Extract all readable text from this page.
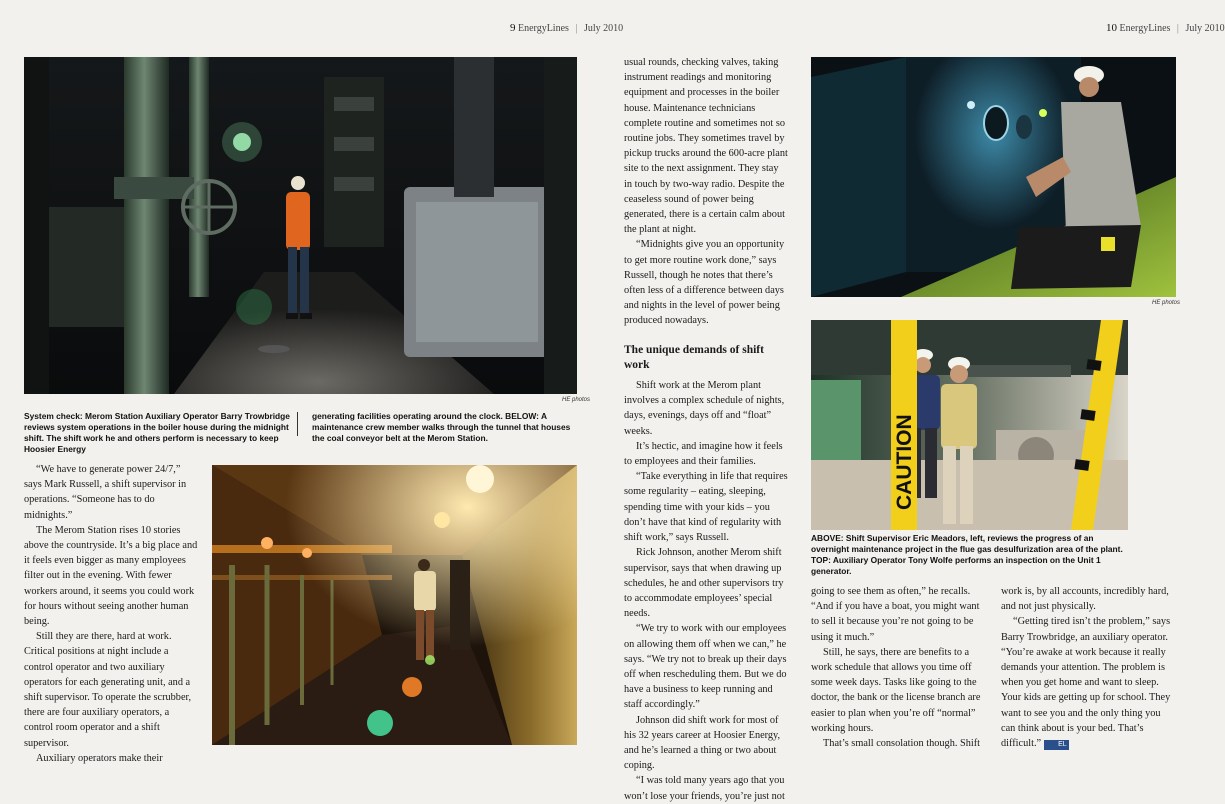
9 EnergyLines | July 2010	10 EnergyLines | July 2010
HE photos
System check: Merom Station Auxiliary Operator Barry Trowbridge reviews system operations in the boiler house during the midnight shift. The shift work he and others perform is necessary to keep Hoosier Energy
generating facilities operating around the clock. BELOW: A maintenance crew member walks through the tunnel that houses the coal conveyor belt at the Merom Station.

“We have to generate power 24/7,” says Mark Russell, a shift supervisor in operations. “Someone has to do midnights.”

The Merom Station rises 10 stories above the countryside. It’s a big place and it feels even bigger as many employees filter out in the evening. With fewer workers around, it seems you could work for hours without seeing another human being.

Still they are there, hard at work. Critical positions at night include a control operator and two auxiliary operators for each generating unit, and a shift supervisor. To operate the scrubber, there are four auxiliary operators, a control room operator and a shift supervisor.

Auxiliary operators make their

usual rounds, checking valves, taking instrument readings and monitoring equipment and processes in the boiler house. Maintenance technicians complete routine and sometimes not so routine jobs. They sometimes travel by pickup trucks around the 600-acre plant site to the next assignment. They stay in touch by two-way radio. Despite the ceaseless sound of power being generated, there is a certain calm about the plant at night.

“Midnights give you an opportunity to get more routine work done,” says Russell, though he notes that there’s often less of a difference between days and nights in the level of power being produced nowadays.

The unique demands of shift work

Shift work at the Merom plant involves a complex schedule of nights, days, evenings, days off and “float” weeks.

It’s hectic, and imagine how it feels to employees and their families.

“Take everything in life that requires some regularity – eating, sleeping, spending time with your kids – you don’t have that kind of regularity with shift work,” says Russell.

Rick Johnson, another Merom shift supervisor, says that when drawing up schedules, he and other supervisors try to accommodate employees’ special needs.

“We try to work with our employees on allowing them off when we can,” he says. “We try not to break up their days off when rescheduling them. But we do have a business to keep running and staff accordingly.”

Johnson did shift work for most of his 32 years career at Hoosier Energy, and he’s learned a thing or two about coping.

“I was told many years ago that you won’t lose your friends, you’re just not

HE photos
CAUTION
ABOVE: Shift Supervisor Eric Meadors, left, reviews the progress of an overnight maintenance project in the flue gas desulfurization area of the plant.
TOP: Auxiliary Operator Tony Wolfe performs an inspection on the Unit 1 generator.

going to see them as often,” he recalls. “And if you have a boat, you might want to sell it because you’re not going to be using it much.”

Still, he says, there are benefits to a work schedule that allows you time off some week days. Tasks like going to the doctor, the bank or the license branch are easier to plan when you’re off “normal” working hours.

That’s small consolation though. Shift

work is, by all accounts, incredibly hard, and not just physically.

“Getting tired isn’t the problem,” says Barry Trowbridge, an auxiliary operator. “You’re awake at work because it really demands your attention. The problem is when you get home and want to sleep. Your kids are getting up for school. They want to see you and the only thing you can think about is your bed. That’s difficult.” EL
